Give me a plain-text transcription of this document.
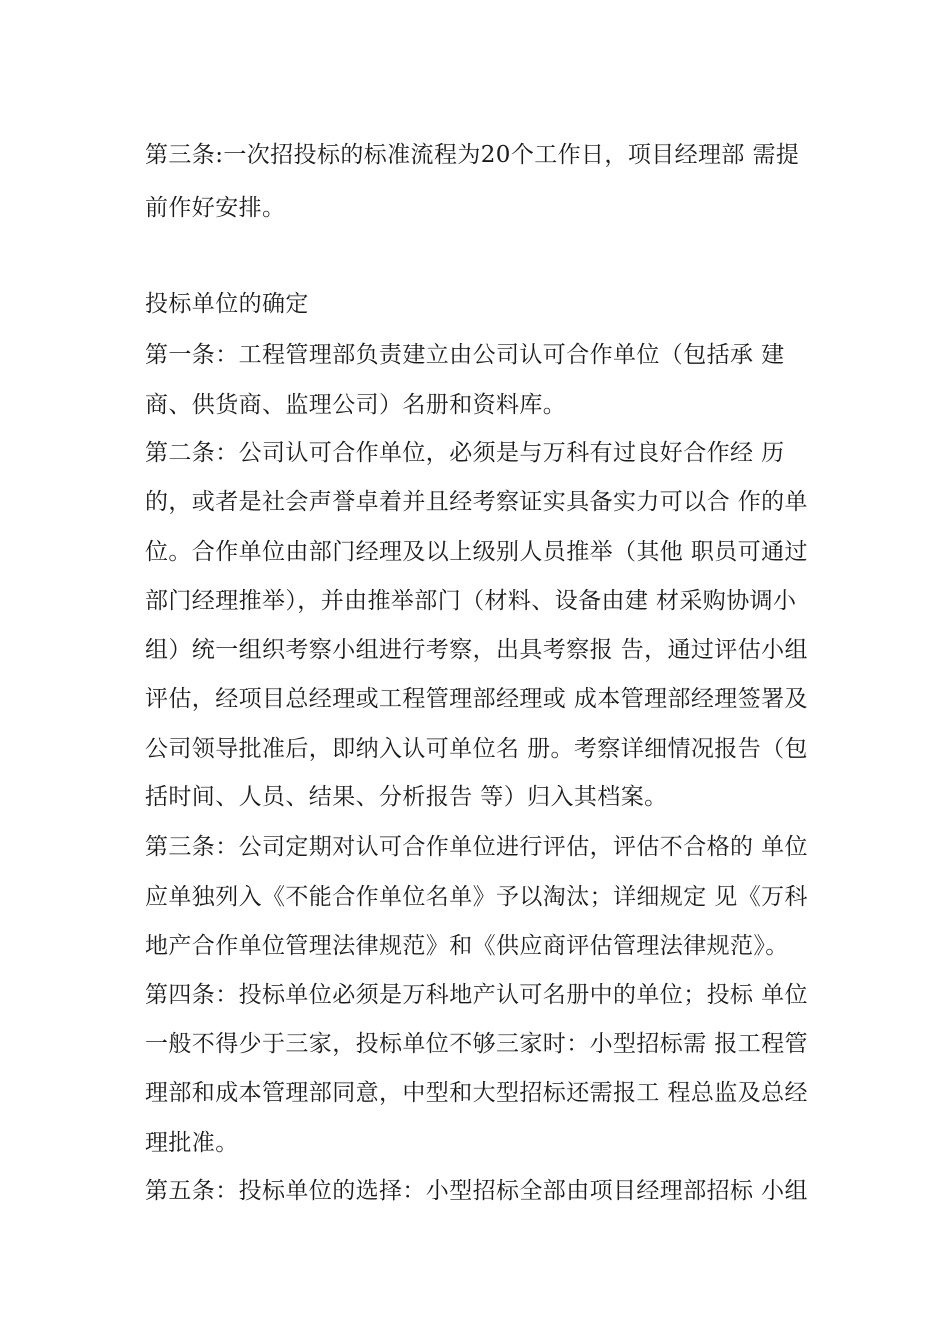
第三条:一次招投标的标准流程为20个工作日，项目经理部 需提
前作好安排。
投标单位的确定
第一条：工程管理部负责建立由公司认可合作单位（包括承 建
商、供货商、监理公司）名册和资料库。
第二条：公司认可合作单位，必须是与万科有过良好合作经 历
的，或者是社会声誉卓着并且经考察证实具备实力可以合 作的单
位。合作单位由部门经理及以上级别人员推举（其他 职员可通过
部门经理推举），并由推举部门（材料、设备由建 材采购协调小
组）统一组织考察小组进行考察，出具考察报 告，通过评估小组
评估，经项目总经理或工程管理部经理或 成本管理部经理签署及
公司领导批准后，即纳入认可单位名 册。考察详细情况报告（包
括时间、人员、结果、分析报告 等）归入其档案。
第三条：公司定期对认可合作单位进行评估，评估不合格的 单位
应单独列入《不能合作单位名单》予以淘汰；详细规定 见《万科
地产合作单位管理法律规范》和《供应商评估管理法律规范》。
第四条：投标单位必须是万科地产认可名册中的单位；投标 单位
一般不得少于三家，投标单位不够三家时：小型招标需 报工程管
理部和成本管理部同意，中型和大型招标还需报工 程总监及总经
理批准。
第五条：投标单位的选择：小型招标全部由项目经理部招标 小组
